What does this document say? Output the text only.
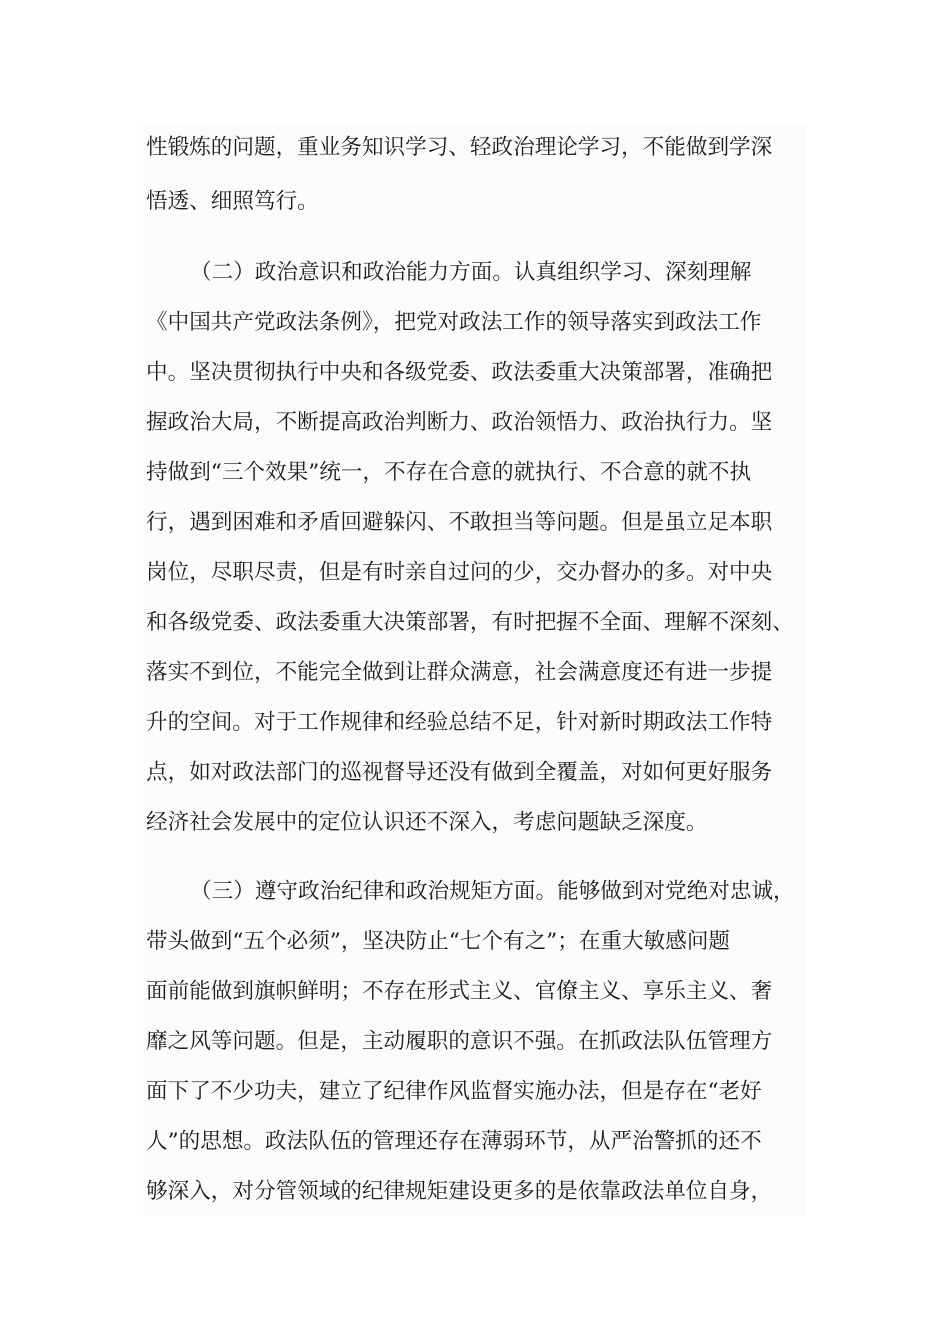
性锻炼的问题，重业务知识学习、轻政治理论学习，不能做到学深
悟透、细照笃行。
（二）政治意识和政治能力方面。认真组织学习、深刻理解
《中国共产党政法条例》，把党对政法工作的领导落实到政法工作
中。坚决贯彻执行中央和各级党委、政法委重大决策部署，准确把
握政治大局，不断提高政治判断力、政治领悟力、政治执行力。坚
持做到“三个效果”统一，不存在合意的就执行、不合意的就不执
行，遇到困难和矛盾回避躲闪、不敢担当等问题。但是虽立足本职
岗位，尽职尽责，但是有时亲自过问的少，交办督办的多。对中央
和各级党委、政法委重大决策部署，有时把握不全面、理解不深刻、
落实不到位，不能完全做到让群众满意，社会满意度还有进一步提
升的空间。对于工作规律和经验总结不足，针对新时期政法工作特
点，如对政法部门的巡视督导还没有做到全覆盖，对如何更好服务
经济社会发展中的定位认识还不深入，考虑问题缺乏深度。
（三）遵守政治纪律和政治规矩方面。能够做到对党绝对忠诚，
带头做到“五个必须”，坚决防止“七个有之”；在重大敏感问题
面前能做到旗帜鲜明；不存在形式主义、官僚主义、享乐主义、奢
靡之风等问题。但是，主动履职的意识不强。在抓政法队伍管理方
面下了不少功夫，建立了纪律作风监督实施办法，但是存在“老好
人”的思想。政法队伍的管理还存在薄弱环节，从严治警抓的还不
够深入，对分管领域的纪律规矩建设更多的是依靠政法单位自身，
